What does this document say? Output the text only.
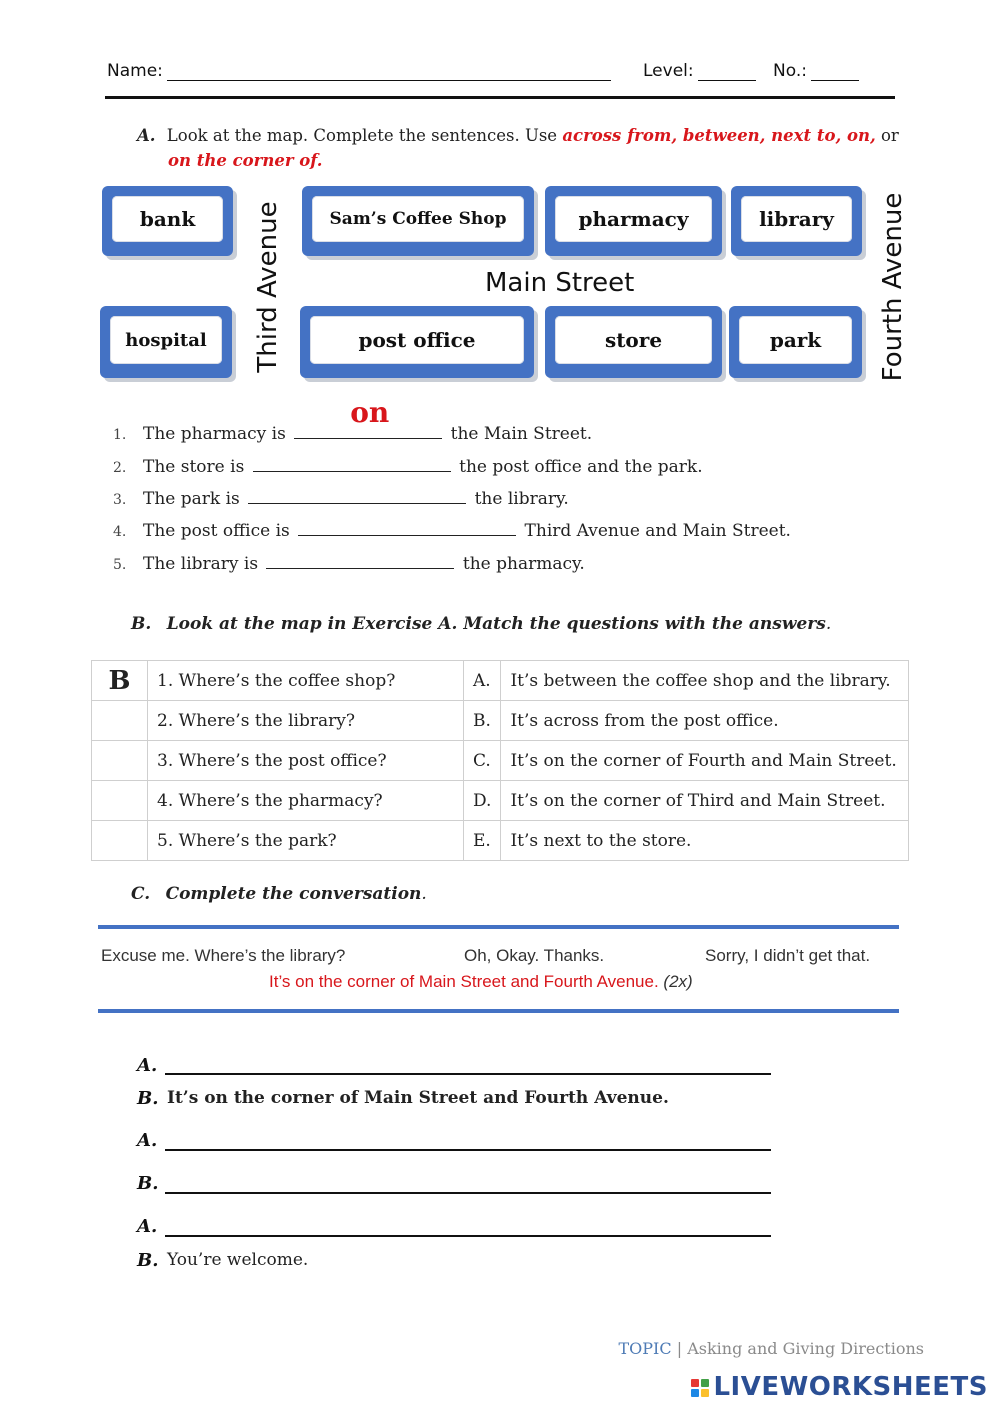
Name:	Level:	No.:
A. Look at the map. Complete the sentences. Use across from, between, next to, on, or
on the corner of.
bank	Sam’s Coffee Shop	pharmacy	library
Main Street
Third Avenue	Fourth Avenue
hospital	post office	store	park
1. The pharmacy is
on
the Main Street.
2. The store is	the post office and the park.
3. The park is	the library.
4. The post office is	Third Avenue and Main Street.
5. The library is	the pharmacy.
B. Look at the map in Exercise A. Match the questions with the answers.
B	1. Where’s the coffee shop?	A.	It’s between the coffee shop and the library.
	2. Where’s the library?	B.	It’s across from the post office.
	3. Where’s the post office?	C.	It’s on the corner of Fourth and Main Street.
	4. Where’s the pharmacy?	D.	It’s on the corner of Third and Main Street.
	5. Where’s the park?	E.	It’s next to the store.
C. Complete the conversation.
Excuse me. Where’s the library?	Oh, Okay. Thanks.	Sorry, I didn’t get that.
It’s on the corner of Main Street and Fourth Avenue. (2x)
A.
B. It’s on the corner of Main Street and Fourth Avenue.
A.
B.
A.
B. You’re welcome.
TOPIC | Asking and Giving Directions
LIVEWORKSHEETS
